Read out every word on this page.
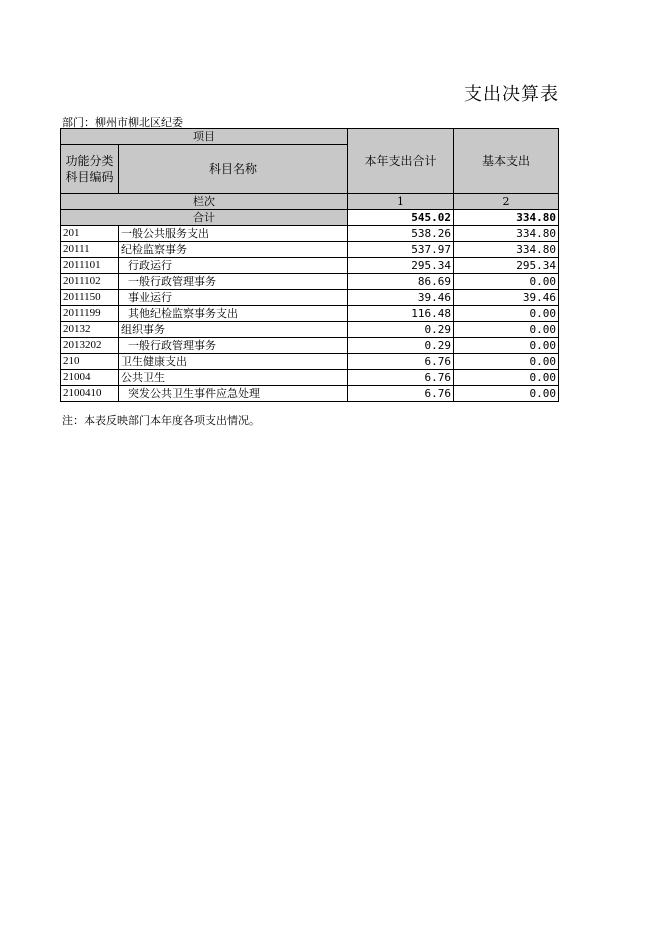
支出决算表
部门：柳州市柳北区纪委
项目		本年支出合计	基本支出
功能分类
科目编码	科目名称		

栏次		1	2
合计		545.02	334.80
201	一般公共服务支出	538.26	334.80
20111	纪检监察事务	537.97	334.80
2011101	行政运行	295.34	295.34
2011102	一般行政管理事务	86.69	0.00
2011150	事业运行	39.46	39.46
2011199	其他纪检监察事务支出	116.48	0.00
20132	组织事务	0.29	0.00
2013202	一般行政管理事务	0.29	0.00
210	卫生健康支出	6.76	0.00
21004	公共卫生	6.76	0.00
2100410	突发公共卫生事件应急处理	6.76	0.00
注：本表反映部门本年度各项支出情况。
